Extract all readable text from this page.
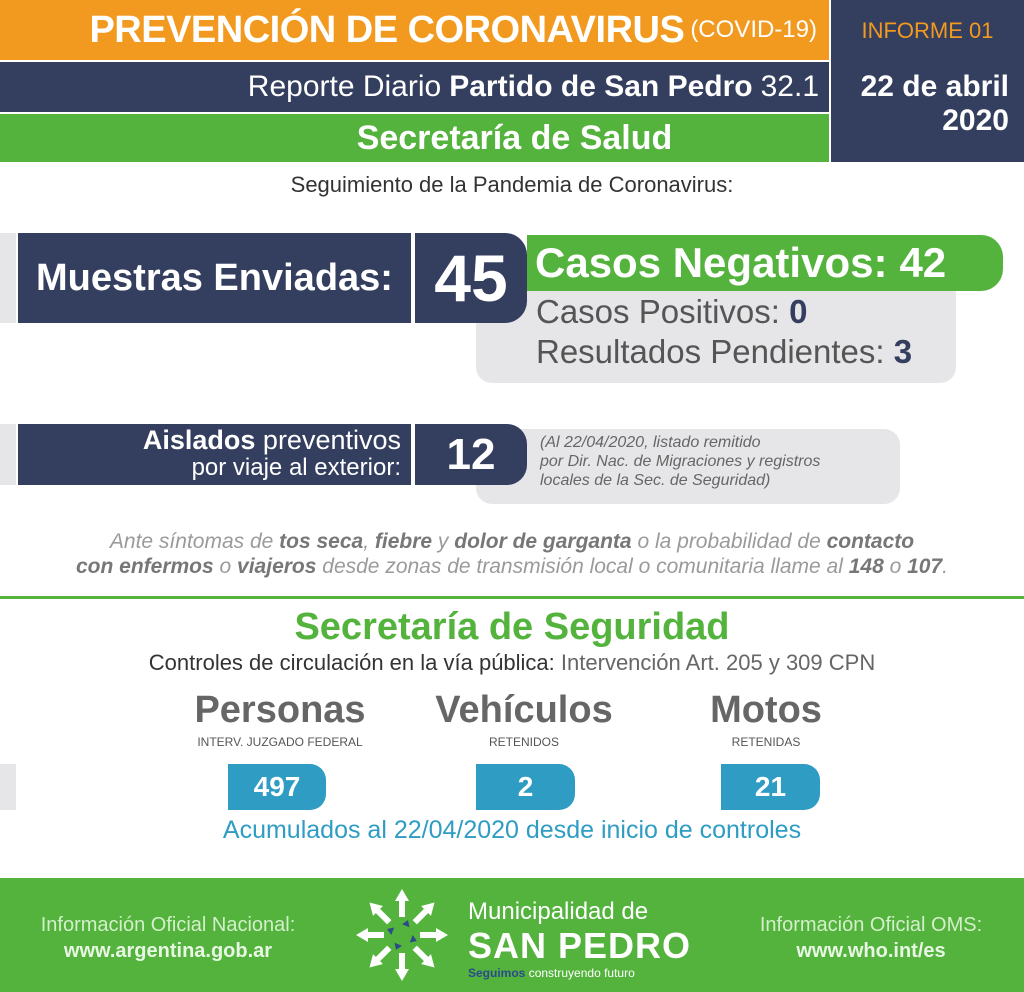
PREVENCIÓN DE CORONAVIRUS (COVID-19)
Reporte Diario Partido de San Pedro 32.1
Secretaría de Salud
INFORME 01
22 de abril
2020
Seguimiento de la Pandemia de Coronavirus:
Muestras Enviadas: 45 Casos Negativos: 42
Casos Positivos: 0
Resultados Pendientes: 3
Aislados preventivos
por viaje al exterior:	12	(Al 22/04/2020, listado remitido
por Dir. Nac. de Migraciones y registros
locales de la Sec. de Seguridad)
Ante síntomas de tos seca, fiebre y dolor de garganta o la probabilidad de contacto
con enfermos o viajeros desde zonas de transmisión local o comunitaria llame al 148 o 107.
Secretaría de Seguridad
Controles de circulación en la vía pública: Intervención Art. 205 y 309 CPN
Personas
INTERV. JUZGADO FEDERAL
Vehículos
RETENIDOS
Motos
RETENIDAS
497	2	21
Acumulados al 22/04/2020 desde inicio de controles
Información Oficial Nacional:
www.argentina.gob.ar
Municipalidad de
SAN PEDRO
Seguimos construyendo futuro
Información Oficial OMS:
www.who.int/es
